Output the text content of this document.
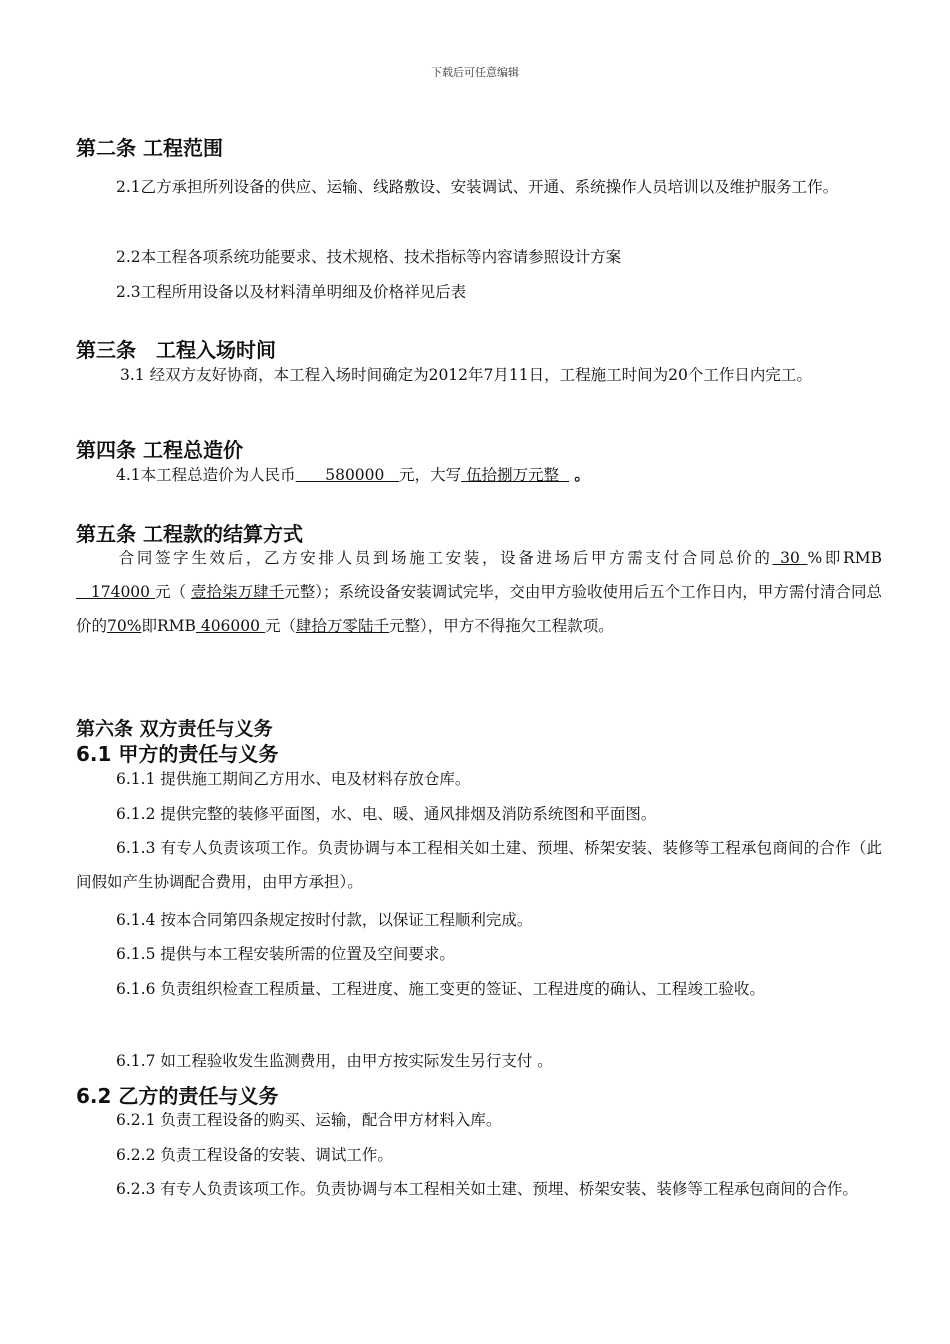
下载后可任意编辑
第二条 工程范围
2.1乙方承担所列设备的供应、运输、线路敷设、安装调试、开通、系统操作人员培训以及维护服务工作。
2.2本工程各项系统功能要求、技术规格、技术指标等内容请参照设计方案
2.3工程所用设备以及材料清单明细及价格祥见后表
第三条　工程入场时间
3.1 经双方友好协商，本工程入场时间确定为2012年7月11日，工程施工时间为20个工作日内完工。
第四条 工程总造价
4.1本工程总造价为人民币      580000   元，大写 伍拾捌万元整   。
第五条 工程款的结算方式
合同签字生效后，乙方安排人员到场施工安装，设备进场后甲方需支付合同总价的 30 %即RMB   174000 元（ 壹拾柒万肆千元整）；系统设备安装调试完毕，交由甲方验收使用后五个工作日内，甲方需付清合同总价的70%即RMB 406000 元（肆拾万零陆千元整），甲方不得拖欠工程款项。
第六条 双方责任与义务
6.1 甲方的责任与义务
6.1.1 提供施工期间乙方用水、电及材料存放仓库。
6.1.2 提供完整的装修平面图，水、电、暖、通风排烟及消防系统图和平面图。
6.1.3 有专人负责该项工作。负责协调与本工程相关如土建、预埋、桥架安装、装修等工程承包商间的合作（此间假如产生协调配合费用，由甲方承担）。
6.1.4 按本合同第四条规定按时付款，以保证工程顺利完成。
6.1.5 提供与本工程安装所需的位置及空间要求。
6.1.6 负责组织检查工程质量、工程进度、施工变更的签证、工程进度的确认、工程竣工验收。
6.1.7 如工程验收发生监测费用，由甲方按实际发生另行支付 。
6.2 乙方的责任与义务
6.2.1 负责工程设备的购买、运输，配合甲方材料入库。
6.2.2 负责工程设备的安装、调试工作。
6.2.3 有专人负责该项工作。负责协调与本工程相关如土建、预埋、桥架安装、装修等工程承包商间的合作。
